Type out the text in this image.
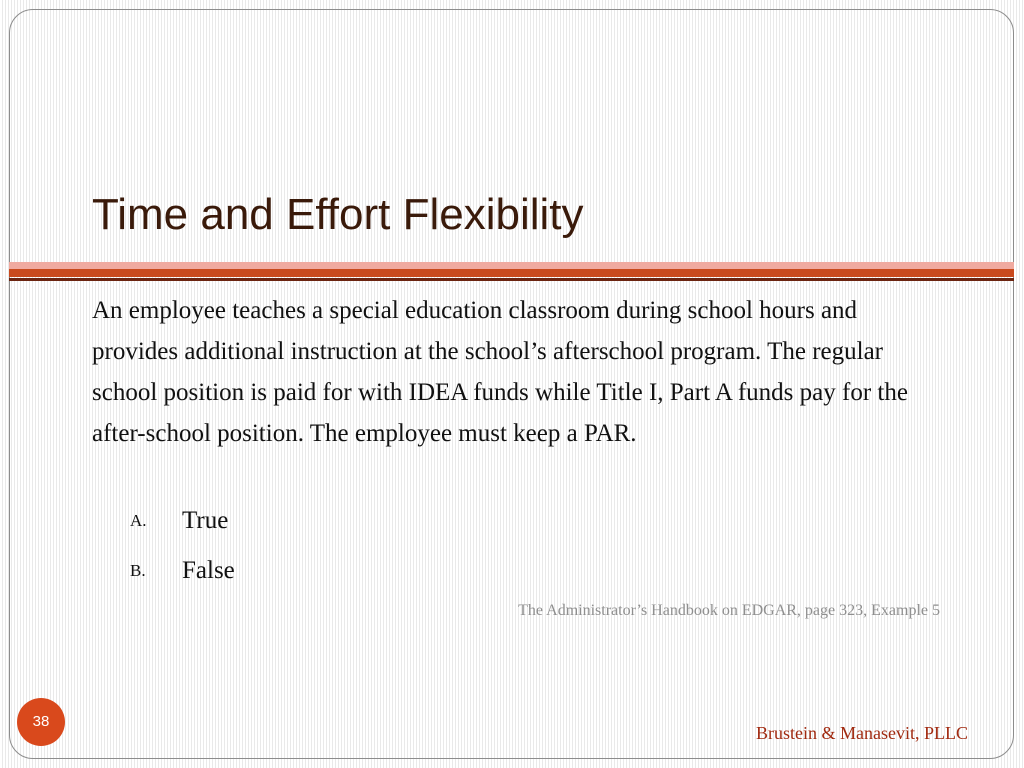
Time and Effort Flexibility
An employee teaches a special education classroom during school hours and provides additional instruction at the school’s afterschool program. The regular school position is paid for with IDEA funds while Title I, Part A funds pay for the after-school position. The employee must keep a PAR.
A. True
B. False
The Administrator’s Handbook on EDGAR, page 323, Example 5
38
Brustein & Manasevit, PLLC
